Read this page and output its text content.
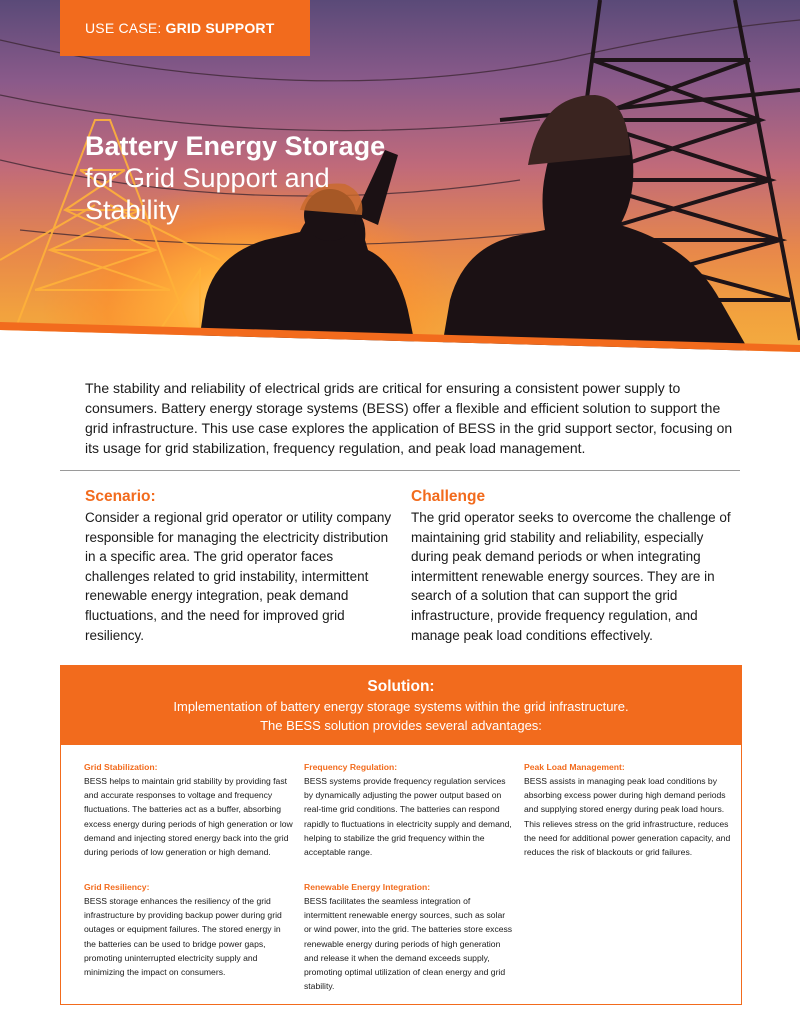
USE CASE: GRID SUPPORT
Battery Energy Storage
for Grid Support and
Stability

The stability and reliability of electrical grids are critical for ensuring a consistent power supply to consumers. Battery energy storage systems (BESS) offer a flexible and efficient solution to support the grid infrastructure. This use case explores the application of BESS in the grid support sector, focusing on its usage for grid stabilization, frequency regulation, and peak load management.

Scenario:

Consider a regional grid operator or utility company responsible for managing the electricity distribution in a specific area. The grid operator faces challenges related to grid instability, intermittent renewable energy integration, peak demand fluctuations, and the need for improved grid resiliency.

Challenge

The grid operator seeks to overcome the challenge of maintaining grid stability and reliability, especially during peak demand periods or when integrating intermittent renewable energy sources. They are in search of a solution that can support the grid infrastructure, provide frequency regulation, and manage peak load conditions effectively.

Solution:
Implementation of battery energy storage systems within the grid infrastructure.
The BESS solution provides several advantages:
Grid Stabilization:

BESS helps to maintain grid stability by providing fast and accurate responses to voltage and frequency fluctuations. The batteries act as a buffer, absorbing excess energy during periods of high generation or low demand and injecting stored energy back into the grid during periods of low generation or high demand.

Frequency Regulation:

BESS systems provide frequency regulation services by dynamically adjusting the power output based on real-time grid conditions. The batteries can respond rapidly to fluctuations in electricity supply and demand, helping to stabilize the grid frequency within the acceptable range.

Peak Load Management:

BESS assists in managing peak load conditions by absorbing excess power during high demand periods and supplying stored energy during peak load hours. This relieves stress on the grid infrastructure, reduces the need for additional power generation capacity, and reduces the risk of blackouts or grid failures.

Grid Resiliency:

BESS storage enhances the resiliency of the grid infrastructure by providing backup power during grid outages or equipment failures. The stored energy in the batteries can be used to bridge power gaps, promoting uninterrupted electricity supply and minimizing the impact on consumers.

Renewable Energy Integration:

BESS facilitates the seamless integration of intermittent renewable energy sources, such as solar or wind power, into the grid. The batteries store excess renewable energy during periods of high generation and release it when the demand exceeds supply, promoting optimal utilization of clean energy and grid stability.
